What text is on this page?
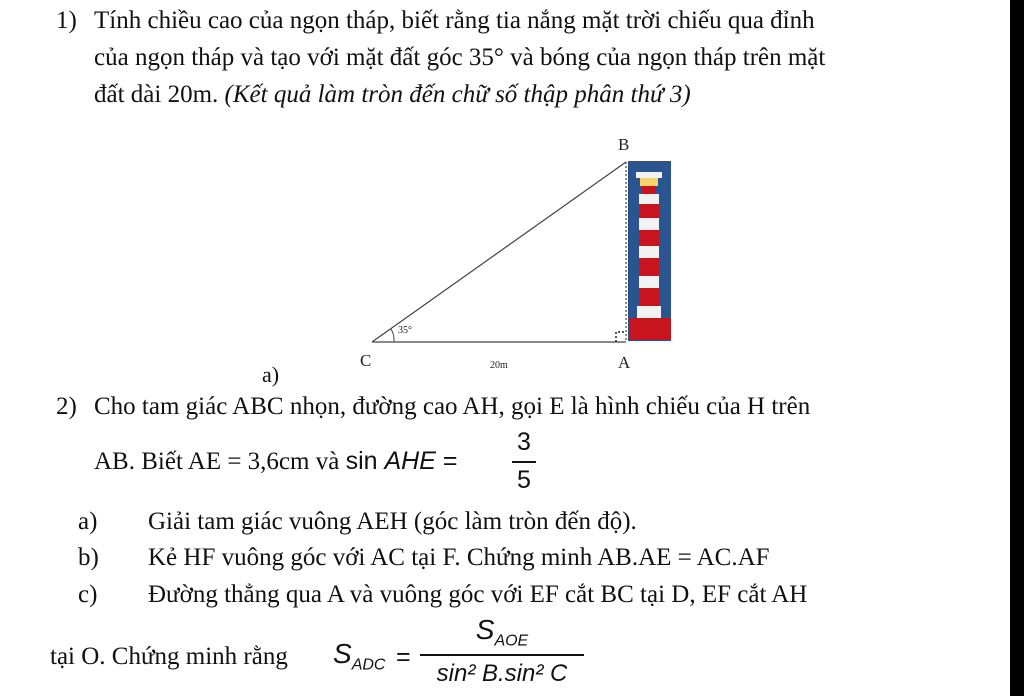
1) Tính chiều cao của ngọn tháp, biết rằng tia nắng mặt trời chiếu qua đỉnh
của ngọn tháp và tạo với mặt đất góc 35° và bóng của ngọn tháp trên mặt
đất dài 20m. (Kết quả làm tròn đến chữ số thập phân thứ 3)
B
C	A
35°
20m
a)
2) Cho tam giác ABC nhọn, đường cao AH, gọi E là hình chiếu của H trên
AB. Biết AE = 3,6cm và sin AHE =
3
5
a) Giải tam giác vuông AEH (góc làm tròn đến độ).
b) Kẻ HF vuông góc với AC tại F. Chứng minh AB.AE = AC.AF
c) Đường thẳng qua A và vuông góc với EF cắt BC tại D, EF cắt AH
tại O. Chứng minh rằng $S_{ADC}$ =
$S_{AOE}$
sin² B.sin² C
